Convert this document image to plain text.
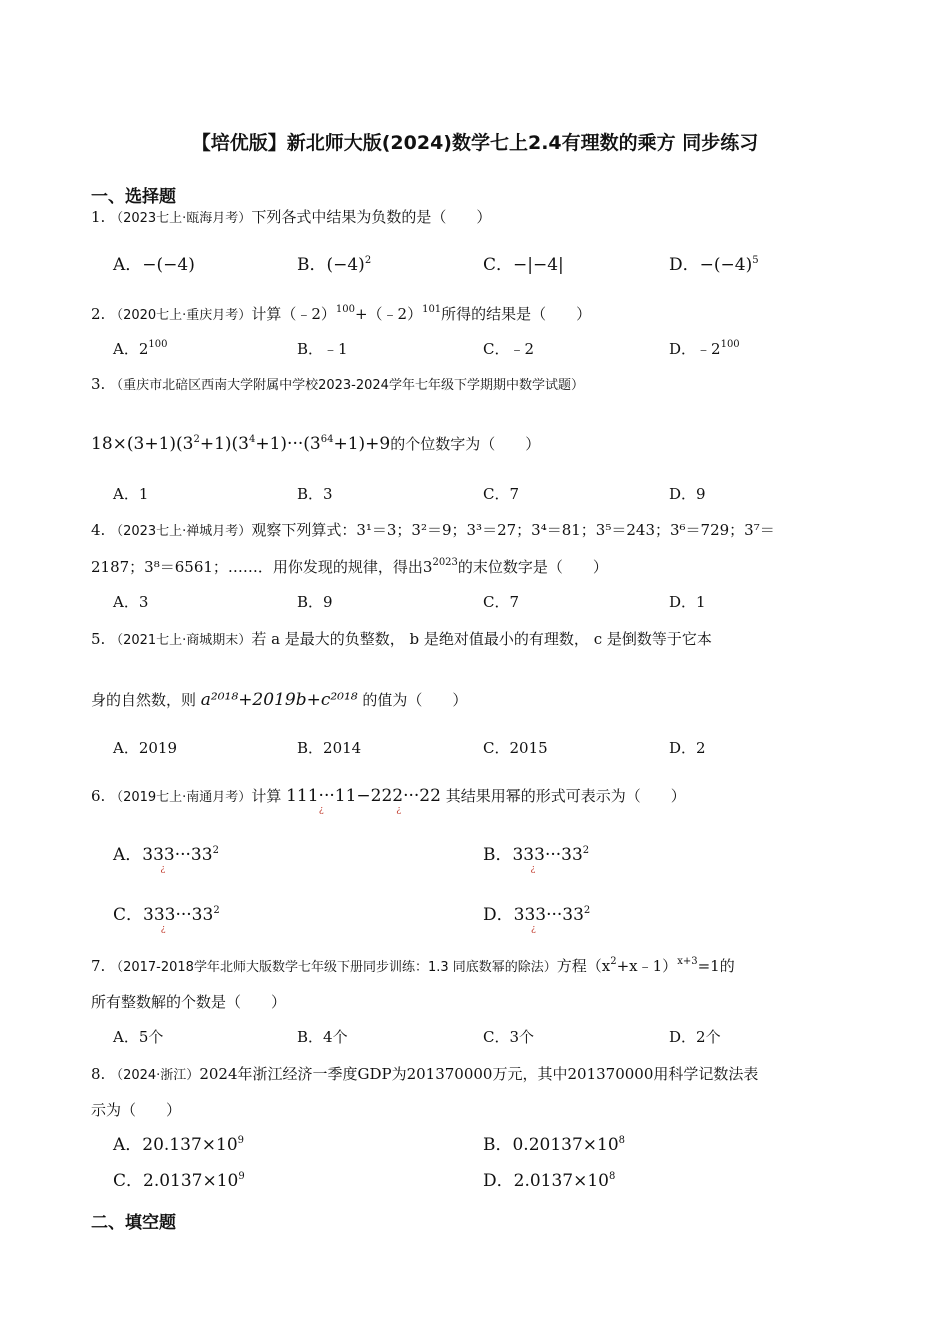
【培优版】新北师大版(2024)数学七上2.4有理数的乘方 同步练习
一、选择题
1. （2023七上·瓯海月考）下列各式中结果为负数的是（　　）
A．−(−4)	B．$(-4)^2$	C．−|−4|	D．$-(-4)^5$
2. （2020七上·重庆月考）计算（﹣2）$^{100}$+（﹣2）$^{101}$所得的结果是（　　）
A．$2^{100}$	B．﹣1	C．﹣2	D．$﹣2^{100}$
3. （重庆市北碚区西南大学附属中学校2023-2024学年七年级下学期期中数学试题）
$18\times(3+1)(3^2+1)(3^4+1)\cdot\cdot\cdot(3^{64}+1)+9$的个位数字为（　　）
A．1	B．3	C．7	D．9
4. （2023七上·禅城月考）观察下列算式：3¹＝3；3²＝9；3³＝27；3⁴＝81；3⁵＝243；3⁶＝729；3⁷＝
2187；3⁸＝6561；……．用你发现的规律，得出$3^{2023}$的末位数字是（　　）
A．3	B．9	C．7	D．1
5. （2021七上·商城期末）若 a 是最大的负整数， b 是绝对值最小的有理数， c 是倒数等于它本
身的自然数，则 a²⁰¹⁸+2019b+c²⁰¹⁸ 的值为（　　）
A．2019	B．2014	C．2015	D．2
6. （2019七上·南通月考）计算 111···11
¿
−222···22
¿
其结果用幂的形式可表示为（　　）
A．333···33
¿
$^2$	B．333···33
¿
$^2$
C．333···33
¿
$^2$	D．333···33
¿
$^2$
7. （2017-2018学年北师大版数学七年级下册同步训练：1.3 同底数幂的除法）方程$(x^2+x﹣1)^{x+3}=1$的
所有整数解的个数是（　　）
A．5个	B．4个	C．3个	D．2个
8. （2024·浙江）2024年浙江经济一季度GDP为201370000万元，其中201370000用科学记数法表
示为（　　）
A．$20.137\times 10^9$	B．$0.20137\times 10^8$
C．$2.0137\times 10^9$	D．$2.0137\times 10^8$
二、填空题
